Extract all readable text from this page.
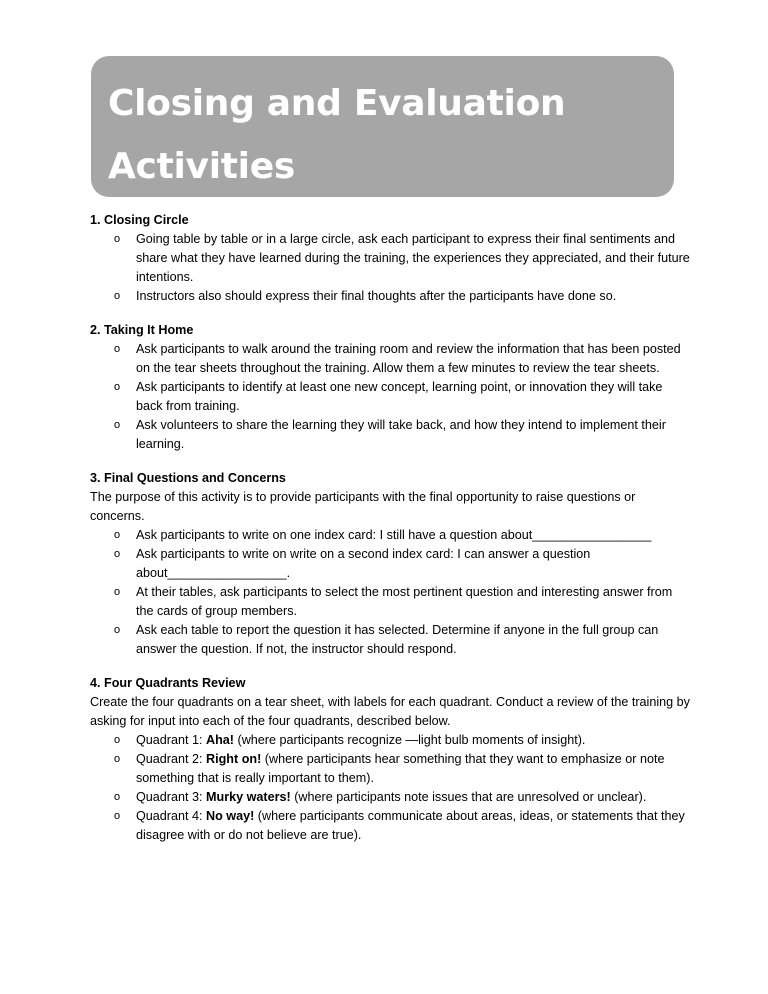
Closing and Evaluation Activities
1. Closing Circle
o Going table by table or in a large circle, ask each participant to express their final sentiments and share what they have learned during the training, the experiences they appreciated, and their future intentions.
o Instructors also should express their final thoughts after the participants have done so.
2. Taking It Home
o Ask participants to walk around the training room and review the information that has been posted on the tear sheets throughout the training. Allow them a few minutes to review the tear sheets.
o Ask participants to identify at least one new concept, learning point, or innovation they will take back from training.
o Ask volunteers to share the learning they will take back, and how they intend to implement their learning.
3. Final Questions and Concerns
The purpose of this activity is to provide participants with the final opportunity to raise questions or concerns.
o Ask participants to write on one index card: I still have a question about_________________
o Ask participants to write on write on a second index card: I can answer a question about_________________.
o At their tables, ask participants to select the most pertinent question and interesting answer from the cards of group members.
o Ask each table to report the question it has selected. Determine if anyone in the full group can answer the question. If not, the instructor should respond.
4. Four Quadrants Review
Create the four quadrants on a tear sheet, with labels for each quadrant. Conduct a review of the training by asking for input into each of the four quadrants, described below.
o Quadrant 1: Aha! (where participants recognize —light bulb moments of insight).
o Quadrant 2: Right on! (where participants hear something that they want to emphasize or note something that is really important to them).
o Quadrant 3: Murky waters! (where participants note issues that are unresolved or unclear).
o Quadrant 4: No way! (where participants communicate about areas, ideas, or statements that they disagree with or do not believe are true).
